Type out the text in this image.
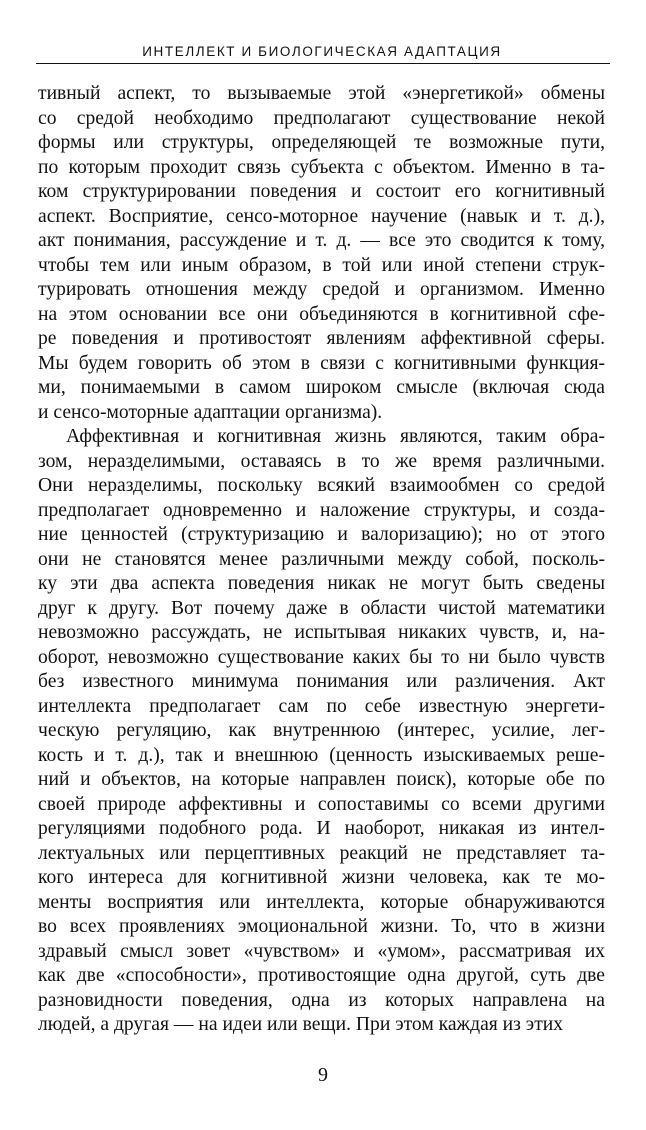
ИНТЕЛЛЕКТ И БИОЛОГИЧЕСКАЯ АДАПТАЦИЯ
тивный аспект, то вызываемые этой «энергетикой» обмены
со средой необходимо предполагают существование некой
формы или структуры, определяющей те возможные пути,
по которым проходит связь субъекта с объектом. Именно в та-
ком структурировании поведения и состоит его когнитивный
аспект. Восприятие, сенсо-моторное научение (навык и т. д.),
акт понимания, рассуждение и т. д. — все это сводится к тому,
чтобы тем или иным образом, в той или иной степени струк-
турировать отношения между средой и организмом. Именно
на этом основании все они объединяются в когнитивной сфе-
ре поведения и противостоят явлениям аффективной сферы.
Мы будем говорить об этом в связи с когнитивными функция-
ми, понимаемыми в самом широком смысле (включая сюда
и сенсо-моторные адаптации организма).
Аффективная и когнитивная жизнь являются, таким обра-
зом, неразделимыми, оставаясь в то же время различными.
Они неразделимы, поскольку всякий взаимообмен со средой
предполагает одновременно и наложение структуры, и созда-
ние ценностей (структуризацию и валоризацию); но от этого
они не становятся менее различными между собой, посколь-
ку эти два аспекта поведения никак не могут быть сведены
друг к другу. Вот почему даже в области чистой математики
невозможно рассуждать, не испытывая никаких чувств, и, на-
оборот, невозможно существование каких бы то ни было чувств
без известного минимума понимания или различения. Акт
интеллекта предполагает сам по себе известную энергети-
ческую регуляцию, как внутреннюю (интерес, усилие, лег-
кость и т. д.), так и внешнюю (ценность изыскиваемых реше-
ний и объектов, на которые направлен поиск), которые обе по
своей природе аффективны и сопоставимы со всеми другими
регуляциями подобного рода. И наоборот, никакая из интел-
лектуальных или перцептивных реакций не представляет та-
кого интереса для когнитивной жизни человека, как те мо-
менты восприятия или интеллекта, которые обнаруживаются
во всех проявлениях эмоциональной жизни. То, что в жизни
здравый смысл зовет «чувством» и «умом», рассматривая их
как две «способности», противостоящие одна другой, суть две
разновидности поведения, одна из которых направлена на
людей, а другая — на идеи или вещи. При этом каждая из этих
9
